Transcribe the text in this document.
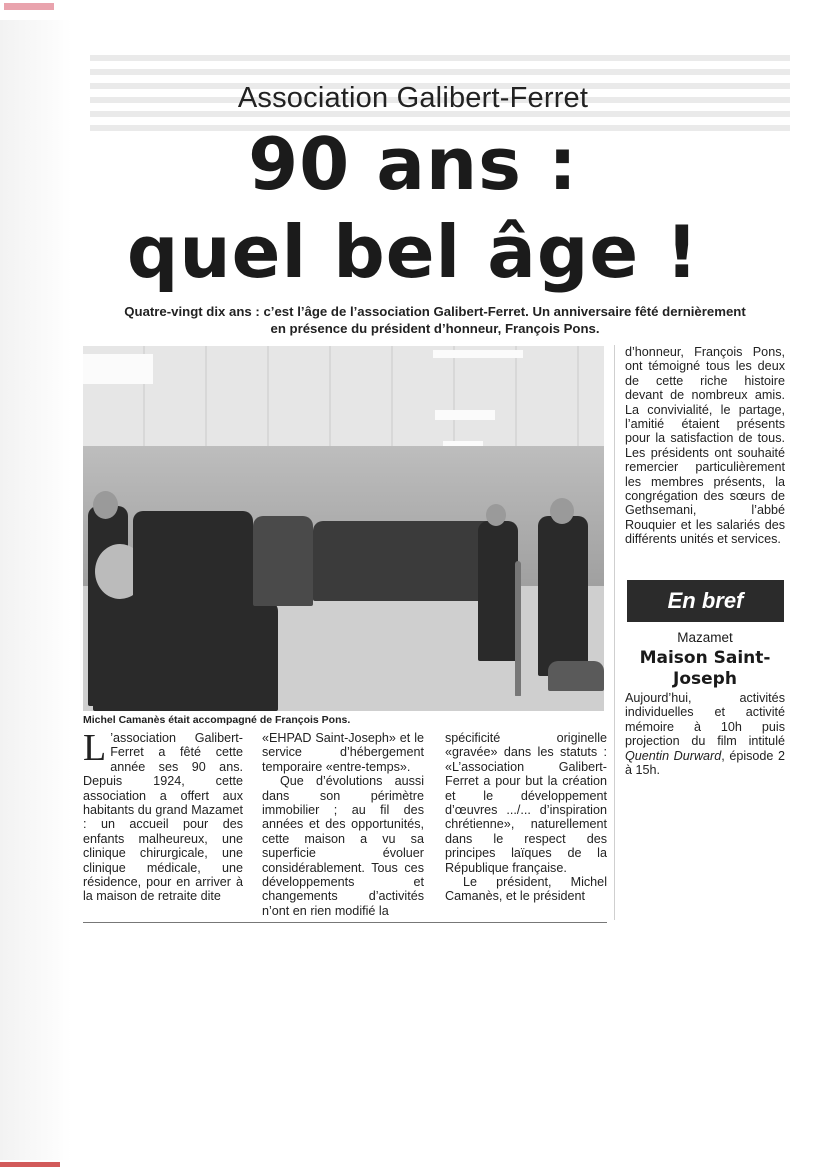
Association Galibert-Ferret
90 ans :
quel bel âge !
Quatre-vingt dix ans : c’est l’âge de l’association Galibert-Ferret. Un anniversaire fêté dernièrement
en présence du président d’honneur, François Pons.
Michel Camanès était accompagné de François Pons.

L ’association Galibert-Ferret a fêté cette année ses 90 ans. Depuis 1924, cette association a offert aux habitants du grand Mazamet : un accueil pour des enfants malheureux, une clinique chirurgicale, une clinique médicale, une résidence, pour en arriver à la maison de retraite dite

«EHPAD Saint-Joseph» et le service d’hébergement temporaire «entre-temps».

Que d’évolutions aussi dans son périmètre immobilier ; au fil des années et des opportunités, cette maison a vu sa superficie évoluer considérablement. Tous ces développements et changements d’activités n’ont en rien modifié la

spécificité originelle «gravée» dans les statuts : «L’association Galibert-Ferret a pour but la création et le développement d’œuvres .../... d’inspiration chrétienne», naturellement dans le respect des principes laïques de la République française.

Le président, Michel Camanès, et le président

d’honneur, François Pons, ont témoigné tous les deux de cette riche histoire devant de nombreux amis. La convivialité, le partage, l’amitié étaient présents pour la satisfaction de tous. Les présidents ont souhaité remercier particulièrement les membres présents, la congrégation des sœurs de Gethsemani, l’abbé Rouquier et les salariés des différents unités et services.

En bref
Mazamet
Maison Saint-Joseph
Aujourd’hui, activités individuelles et activité mémoire à 10h puis projection du film intitulé Quentin Durward, épisode 2 à 15h.
